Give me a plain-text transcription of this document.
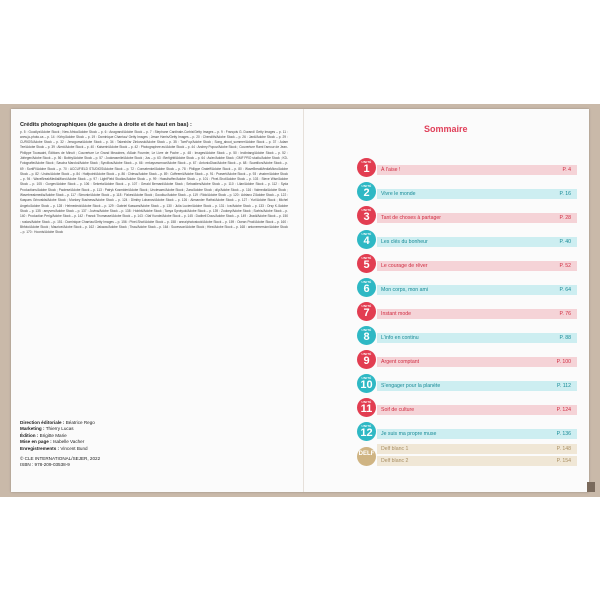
Crédits photographiques (de gauche à droite et de haut en bas) :
p. 5 : Goodlyz/Adobe Stock ; New Africa/Adobe Stock – p. 6 : Anagrand/Adobe Stock – p. 7 : Stephane Cardinale-Corbis/Getty Images – p. 9 : François G. Durand/ Getty Images – p. 11 : www.jo-photo.ca – p. 14 : Kirby/Adobe Stock – p. 19 : Dominique Charriau/ Getty Images ; Jesse Harris/Getty Images – p. 20 : Chendith/Adobe Stock – p. 26 : Jardi/Adobe Stock – p. 29 : CURIOS/Adobe Stock – p. 32 : Jenoguma/Adobe Stock – p. 34 : Takeshi/ar Zinkovsk/Adobe Stock – p. 35 : TomFoy/Adobe Stock ; Song_about_summer/Adobe Stock – p. 37 : Adam Tee/Adobe Stock – p. 39 : Alexi/Adobe Stock – p. 40 : Kaiserin/Adobe Stock – p. 42 : Photographee.eu/Adobe Stock – p. 44 : Andrey Popov/Adobe Stock ; Couverture Rami l'amour de Jean-Philippe Toussaint, Éditions de Minuit ; Couverture Le Grand Meaulnes, d'Alain Fournier, Le Livre de Poche – p. 48 : Images/Adobe Stock – p. 50 : leolintang/Adobe Stock – p. 52 : Jdrieger/Adobe Stock – p. 56 : Bobby/Adobe Stock – p. 57 : Jookeasmile/Adobe Stock ; Jus – p. 63 : Berlightt/Adobe Stock – p. 64 : Asier/Adobe Stock ; GMF PRO studio/Adobe Stock ; KD-Fotografie/Adobe Stock ; Sascha Marolot/Adobe Stock ; Syrcillos/Adobe Stock – p. 66 : mrkaysmorrow/Adobe Stock – p. 67 : AntonioDiaz/Adobe Stock – p. 68 : Scantlion/Adobe Stock – p. 69 : SortiFi/Adobe Stock – p. 70 : ACCUFIELD STUDIOS/Adobe Stock – p. 72 : Conselenkel/Adobe Stock – p. 78 : Philippe Grateff/Adobe Stock – p. 80 : WaveBreakMediaMicro/Adobe Stock – p. 82 : Urubu/Adobe Stock – p. 84 : Halfpoint/Adobe Stock – p. 86 : Chiesa/Adobe Stock – p. 89 : Coffeemii/Adobe Stock – p. 91 : Prasert/Adobe Stock – p. 93 : visstrm/Adobe Stock – p. 94 : WaveBreakMediaMicro/Adobe Stock – p. 97 : LightField Studios/Adobe Stock – p. 99 : Hasslhoffer/Adobe Stock – p. 101 : Pixel-Shot/Adobe Stock – p. 103 : Steve Wise/Adobe Stock – p. 105 : Gorgev/Adobe Stock – p. 106 : Sekreta/Adobe Stock – p. 107 : Gerald Bernard/Adobe Stock ; Sebastien/Adobe Stock – p. 110 : Lilan/Adobe Stock – p. 112 : Syda Productions/Adobe Stock ; Paolese/Adobe Stock – p. 113 : Patryk Kosmider/Adobe Stock ; Unclesam/Adobe Stock ; Zara/Adobe Stock ; olly/Adobe Stock – p. 116 : Valmedia/Adobe Stock ; Wavebreakmedia/Adobe Stock – p. 117 : Simonkr/Adobe Stock – p. 118 : Fizkes/Adobe Stock ; Goodluz/Adobe Stock – p. 119 : Rido/Adobe Stock – p. 120 : Adriano Z/Adobe Stock – p. 122 : Kaspars Grinvalds/Adobe Stock ; Monkey Business/Adobe Stock – p. 124 : Dimitry Lobanov/Adobe Stock – p. 126 : Alexander Raths/Adobe Stock – p. 127 : Yuri/Adobe Stock ; Michel Angelo/Adobe Stock – p. 128 : Helmedeck/Adobe Stock – p. 129 : Gabriel Kassam/Adobe Stock – p. 130 : Julia Lucien/Adobe Stock – p. 131 : Ice/Adobe Stock – p. 133 : Orsy K./Adobe Stock – p. 135 : amyven/Adobe Stock – p. 137 : Jovina/Adobe Stock – p. 138 : Hobbit/Adobe Stock ; Tanya Syrotyuk/Adobe Stock – p. 139 : Zookey/Adobe Stock ; Sorbis/Adobe Stock – p. 140 : Production Perig/Adobe Stock – p. 142 : Franck Thomasse/Adobe Stock – p. 143 : Olaf Kunde/Adobe Stock – p. 145 : Dodbell Dous/Adobe Stock – p. 149 : Jbadi/Adobe Stock – p. 150 : ruslan/Adobe Stock – p. 151 : Dominique Charriau/Getty Images – p. 156 : Pixel-Shot/Adobe Stock – p. 158 : anna/photostock/Adobe Stock – p. 159 : Ocean Prod/Adobe Stock – p. 160 : Bbfoto/Adobe Stock ; Maurice/Adobe Stock – p. 162 : Jakaow/Adobe Stock ; Tirao/Adobe Stock – p. 164 : Sucesson/Adobe Stock ; Hiex/Adobe Stock – p. 168 : antonemersion/Adobe Stock – p. 170 : Hoonis/Adobe Stock
Direction éditoriale : Béatrice Rego
Marketing : Thierry Lucas
Édition : Brigitte Marie
Mise en page : Isabelle Vacher
Enregistrements : Vincent Bund
© CLE INTERNATIONAL/SEJER, 2022
ISBN : 978-209-03538-9
Sommaire
UNITÉ
1	À l'aise !	P. 4
UNITÉ
2	Vivre le monde	P. 16
UNITÉ
3	Tant de choses à partager	P. 28
UNITÉ
4	Les clés du bonheur	P. 40
UNITÉ
5	Le courage de rêver	P. 52
UNITÉ
6	Mon corps, mon ami	P. 64
UNITÉ
7	Instant mode	P. 76
UNITÉ
8	L'info en continu	P. 88
UNITÉ
9	Argent comptant	P. 100
UNITÉ
10	S'engager pour la planète	P. 112
UNITÉ
11	Soif de culture	P. 124
UNITÉ
12	Je suis ma propre muse	P. 136
DELF
Delf blanc 1	P. 148
Delf blanc 2	P. 154
